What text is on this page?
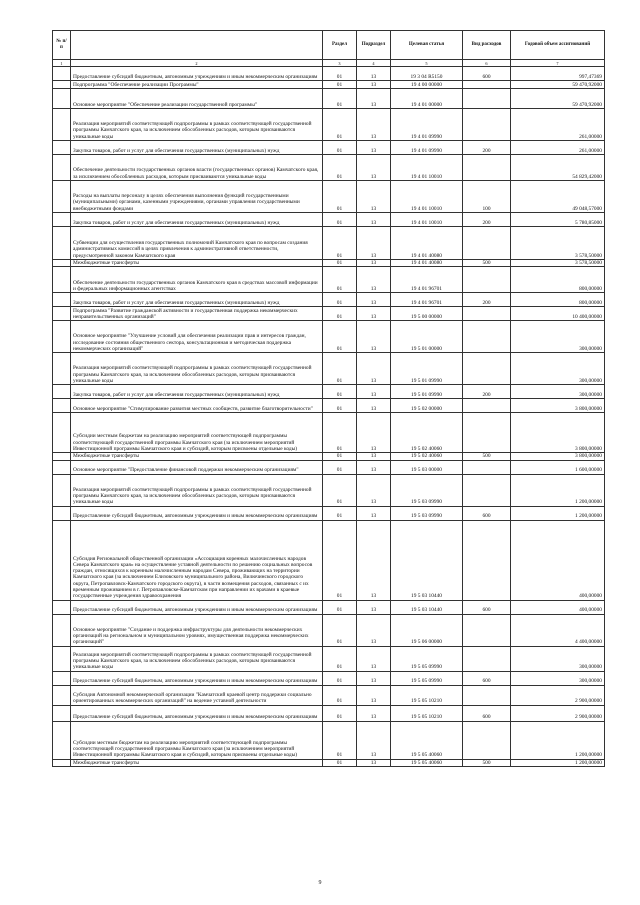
№ п/п		Раздел	Подраздел	Целевая статья	Вид расходов	Годовой объем ассигнований
1	2	3	4	5	6	7
	Предоставление субсидий бюджетным, автономным учреждениям и иным некоммерческим организациям	01	13	19 3 04 R5150	600	997,47369
	Подпрограмма "Обеспечение реализации Программы"	01	13	19 4 00 00000		59 470,92000
	Основное мероприятие "Обеспечение реализации государственной программы"	01	13	19 4 01 00000		59 470,92000
	Реализация мероприятий соответствующей подпрограммы в рамках соответствующей государственной программы Камчатского края, за исключением обособленных расходов, которым присваиваются уникальные коды	01	13	19 4 01 09990		261,00000
	Закупка товаров, работ и услуг для обеспечения государственных (муниципальных) нужд	01	13	19 4 01 09990	200	261,00000
	Обеспечение деятельности государственных органов власти (государственных органов) Камчатского края, за исключением обособленных расходов, которым присваиваются уникальные коды	01	13	19 4 01 10010		54 829,42000
	Расходы на выплаты персоналу в целях обеспечения выполнения функций государственными (муниципальными) органами, казенными учреждениями, органами управления государственными внебюджетными фондами	01	13	19 4 01 10010	100	49 048,57000
	Закупка товаров, работ и услуг для обеспечения государственных (муниципальных) нужд	01	13	19 4 01 10010	200	5 780,85000
	Субвенции для осуществления государственных полномочий Камчатского края по вопросам создания административных комиссий в целях привлечения к административной ответственности, предусмотренной законом Камчатского края	01	13	19 4 01 40080		3 578,50000
	Межбюджетные трансферты	01	13	19 4 01 40080	500	3 578,50000
	Обеспечение деятельности государственных органов Камчатского края в средствах массовой информации и федеральных информационных агентствах	01	13	19 4 01 96701		800,00000
	Закупка товаров, работ и услуг для обеспечения государственных (муниципальных) нужд	01	13	19 4 01 96701	200	800,00000
	Подпрограмма "Развитие гражданской активности и государственная поддержка некоммерческих неправительственных организаций"	01	13	19 5 00 00000		10 400,00000
	Основное мероприятие "Улучшение условий для обеспечения реализации прав и интересов граждан, исследование состояния общественного сектора, консультационная и методическая поддержка некоммерческих организаций"	01	13	19 5 01 00000		300,00000
	Реализация мероприятий соответствующей подпрограммы в рамках соответствующей государственной программы Камчатского края, за исключением обособленных расходов, которым присваиваются уникальные коды	01	13	19 5 01 09990		300,00000
	Закупка товаров, работ и услуг для обеспечения государственных (муниципальных) нужд	01	13	19 5 01 09990	200	300,00000
	Основное мероприятие "Стимулирование развития местных сообществ, развитие благотворительности"	01	13	19 5 02 00000		3 800,00000
	Субсидии местным бюджетам на реализацию мероприятий соответствующей подпрограммы соответствующей государственной программы Камчатского края (за исключением мероприятий Инвестиционной программы Камчатского края и субсидий, которым присвоены отдельные коды)	01	13	19 5 02 40060		3 800,00000
	Межбюджетные трансферты	01	13	19 5 02 40060	500	3 800,00000
	Основное мероприятие "Предоставление финансовой поддержки некоммерческим организациям"	01	13	19 5 03 00000		1 600,00000
	Реализация мероприятий соответствующей подпрограммы в рамках соответствующей государственной программы Камчатского края, за исключением обособленных расходов, которым присваиваются уникальные коды	01	13	19 5 03 09990		1 200,00000
	Предоставление субсидий бюджетным, автономным учреждениям и иным некоммерческим организациям	01	13	19 5 03 09990	600	1 200,00000
	Субсидия Региональной общественной организации «Ассоциация коренных малочисленных народов Севера Камчатского края» на осуществление уставной деятельности по решению социальных вопросов граждан, относящихся к коренным малочисленным народам Севера, проживающих на территории Камчатского края (за исключением Елизовского муниципального района, Вилючинского городского округа, Петропавловск-Камчатского городского округа), в части возмещения расходов, связанных с их временным проживанием в г. Петропавловске-Камчатском при направлении их врачами в краевые государственные учреждения здравоохранения	01	13	19 5 03 10440		400,00000
	Предоставление субсидий бюджетным, автономным учреждениям и иным некоммерческим организациям	01	13	19 5 03 10440	600	400,00000
	Основное мероприятие "Создание и поддержка инфраструктуры для деятельности некоммерческих организаций на региональном и муниципальном уровнях, имущественная поддержка некоммерческих организаций"	01	13	19 5 06 00000		4 400,00000
	Реализация мероприятий соответствующей подпрограммы в рамках соответствующей государственной программы Камчатского края, за исключением обособленных расходов, которым присваиваются уникальные коды	01	13	19 5 05 09990		300,00000
	Предоставление субсидий бюджетным, автономным учреждениям и иным некоммерческим организациям	01	13	19 5 05 09990	600	300,00000
	Субсидия Автономной некоммерческой организации "Камчатский краевой центр поддержки социально ориентированных некоммерческих организаций" на ведение уставной деятельности	01	13	19 5 05 10210		2 900,00000
	Предоставление субсидий бюджетным, автономным учреждениям и иным некоммерческим организациям	01	13	19 5 05 10210	600	2 900,00000
	Субсидии местным бюджетам на реализацию мероприятий соответствующей подпрограммы соответствующей государственной программы Камчатского края (за исключением мероприятий Инвестиционной программы Камчатского края и субсидий, которым присвоены отдельные коды)	01	13	19 5 05 40060		1 200,00000
	Межбюджетные трансферты	01	13	19 5 05 40060	500	1 200,00000
9
